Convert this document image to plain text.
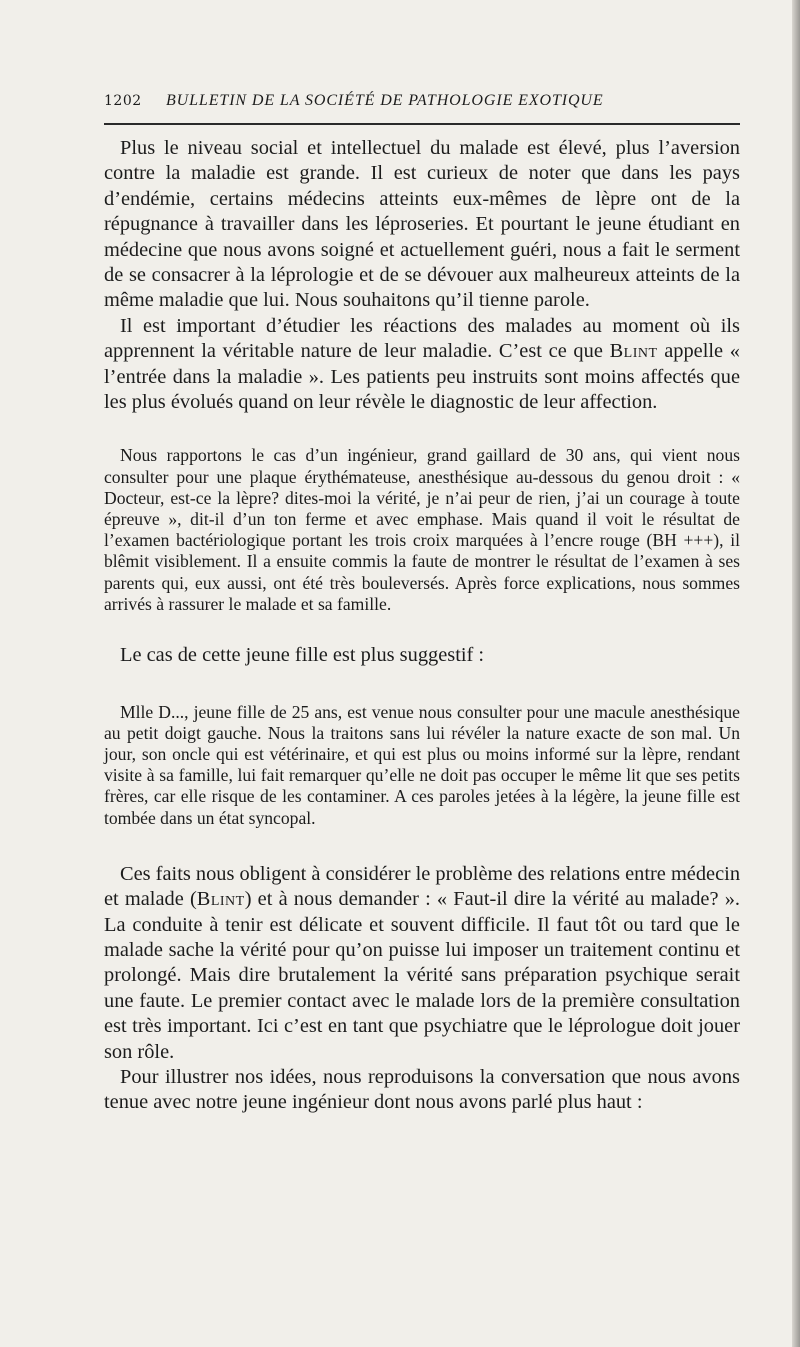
1202	BULLETIN DE LA SOCIÉTÉ DE PATHOLOGIE EXOTIQUE

Plus le niveau social et intellectuel du malade est élevé, plus l’aversion contre la maladie est grande. Il est curieux de noter que dans les pays d’endémie, certains médecins atteints eux-mêmes de lèpre ont de la répugnance à travailler dans les léproseries. Et pourtant le jeune étudiant en médecine que nous avons soigné et actuellement guéri, nous a fait le serment de se consacrer à la léprologie et de se dévouer aux malheureux atteints de la même maladie que lui. Nous souhaitons qu’il tienne parole.

Il est important d’étudier les réactions des malades au moment où ils apprennent la véritable nature de leur maladie. C’est ce que Blint appelle « l’entrée dans la maladie ». Les patients peu instruits sont moins affectés que les plus évolués quand on leur révèle le diagnostic de leur affection.

Nous rapportons le cas d’un ingénieur, grand gaillard de 30 ans, qui vient nous consulter pour une plaque érythémateuse, anesthésique au-dessous du genou droit : « Docteur, est-ce la lèpre? dites-moi la vérité, je n’ai peur de rien, j’ai un courage à toute épreuve », dit-il d’un ton ferme et avec emphase. Mais quand il voit le résultat de l’examen bactériologique portant les trois croix marquées à l’encre rouge (BH +++), il blêmit visiblement. Il a ensuite commis la faute de montrer le résultat de l’examen à ses parents qui, eux aussi, ont été très bouleversés. Après force explications, nous sommes arrivés à rassurer le malade et sa famille.

Le cas de cette jeune fille est plus suggestif :

Mlle D..., jeune fille de 25 ans, est venue nous consulter pour une macule anesthésique au petit doigt gauche. Nous la traitons sans lui révéler la nature exacte de son mal. Un jour, son oncle qui est vétérinaire, et qui est plus ou moins informé sur la lèpre, rendant visite à sa famille, lui fait remarquer qu’elle ne doit pas occuper le même lit que ses petits frères, car elle risque de les contaminer. A ces paroles jetées à la légère, la jeune fille est tombée dans un état syncopal.

Ces faits nous obligent à considérer le problème des relations entre médecin et malade (Blint) et à nous demander : « Faut-il dire la vérité au malade? ». La conduite à tenir est délicate et souvent difficile. Il faut tôt ou tard que le malade sache la vérité pour qu’on puisse lui imposer un traitement continu et prolongé. Mais dire brutalement la vérité sans préparation psychique serait une faute. Le premier contact avec le malade lors de la première consultation est très important. Ici c’est en tant que psychiatre que le léprologue doit jouer son rôle.

Pour illustrer nos idées, nous reproduisons la conversation que nous avons tenue avec notre jeune ingénieur dont nous avons parlé plus haut :
